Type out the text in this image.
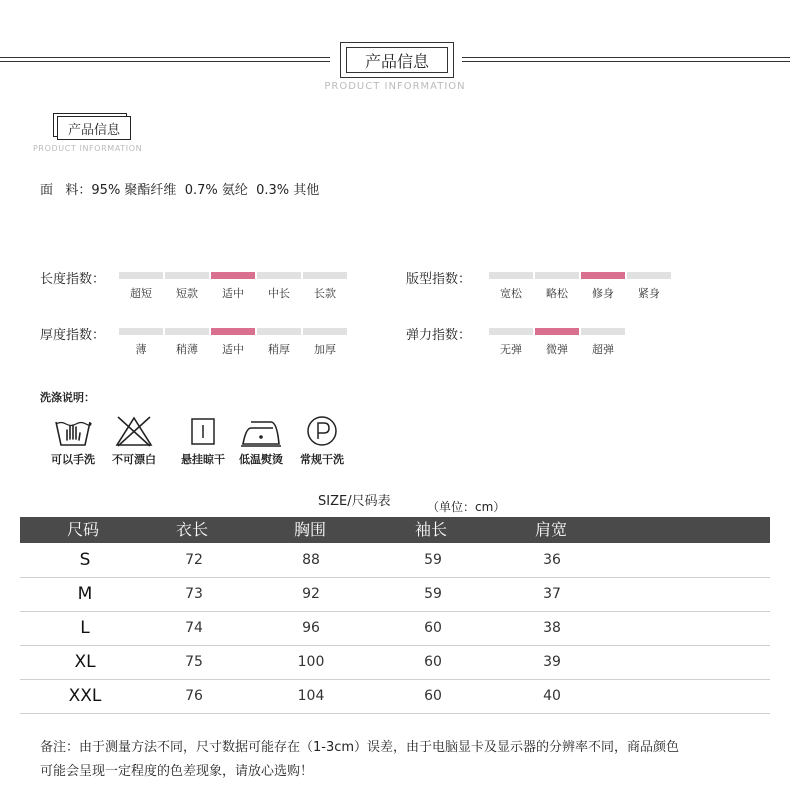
产品信息
PRODUCT INFORMATION
产品信息
PRODUCT INFORMATION
面   料：95% 聚酯纤维  0.7% 氨纶  0.3% 其他
长度指数：
超短	短款	适中	中长	长款
版型指数：
宽松	略松	修身	紧身
厚度指数：
薄	稍薄	适中	稍厚	加厚
弹力指数：
无弹	微弹	超弹
洗涤说明：
可以手洗	不可漂白	悬挂晾干	低温熨烫	常规干洗
SIZE/尺码表	（单位：cm）
尺码	衣长	胸围	袖长	肩宽
S	72	88	59	36
M	73	92	59	37
L	74	96	60	38
XL	75	100	60	39
XXL	76	104	60	40
备注：由于测量方法不同，尺寸数据可能存在（1-3cm）误差，由于电脑显卡及显示器的分辨率不同，商品颜色
可能会呈现一定程度的色差现象，请放心选购！
